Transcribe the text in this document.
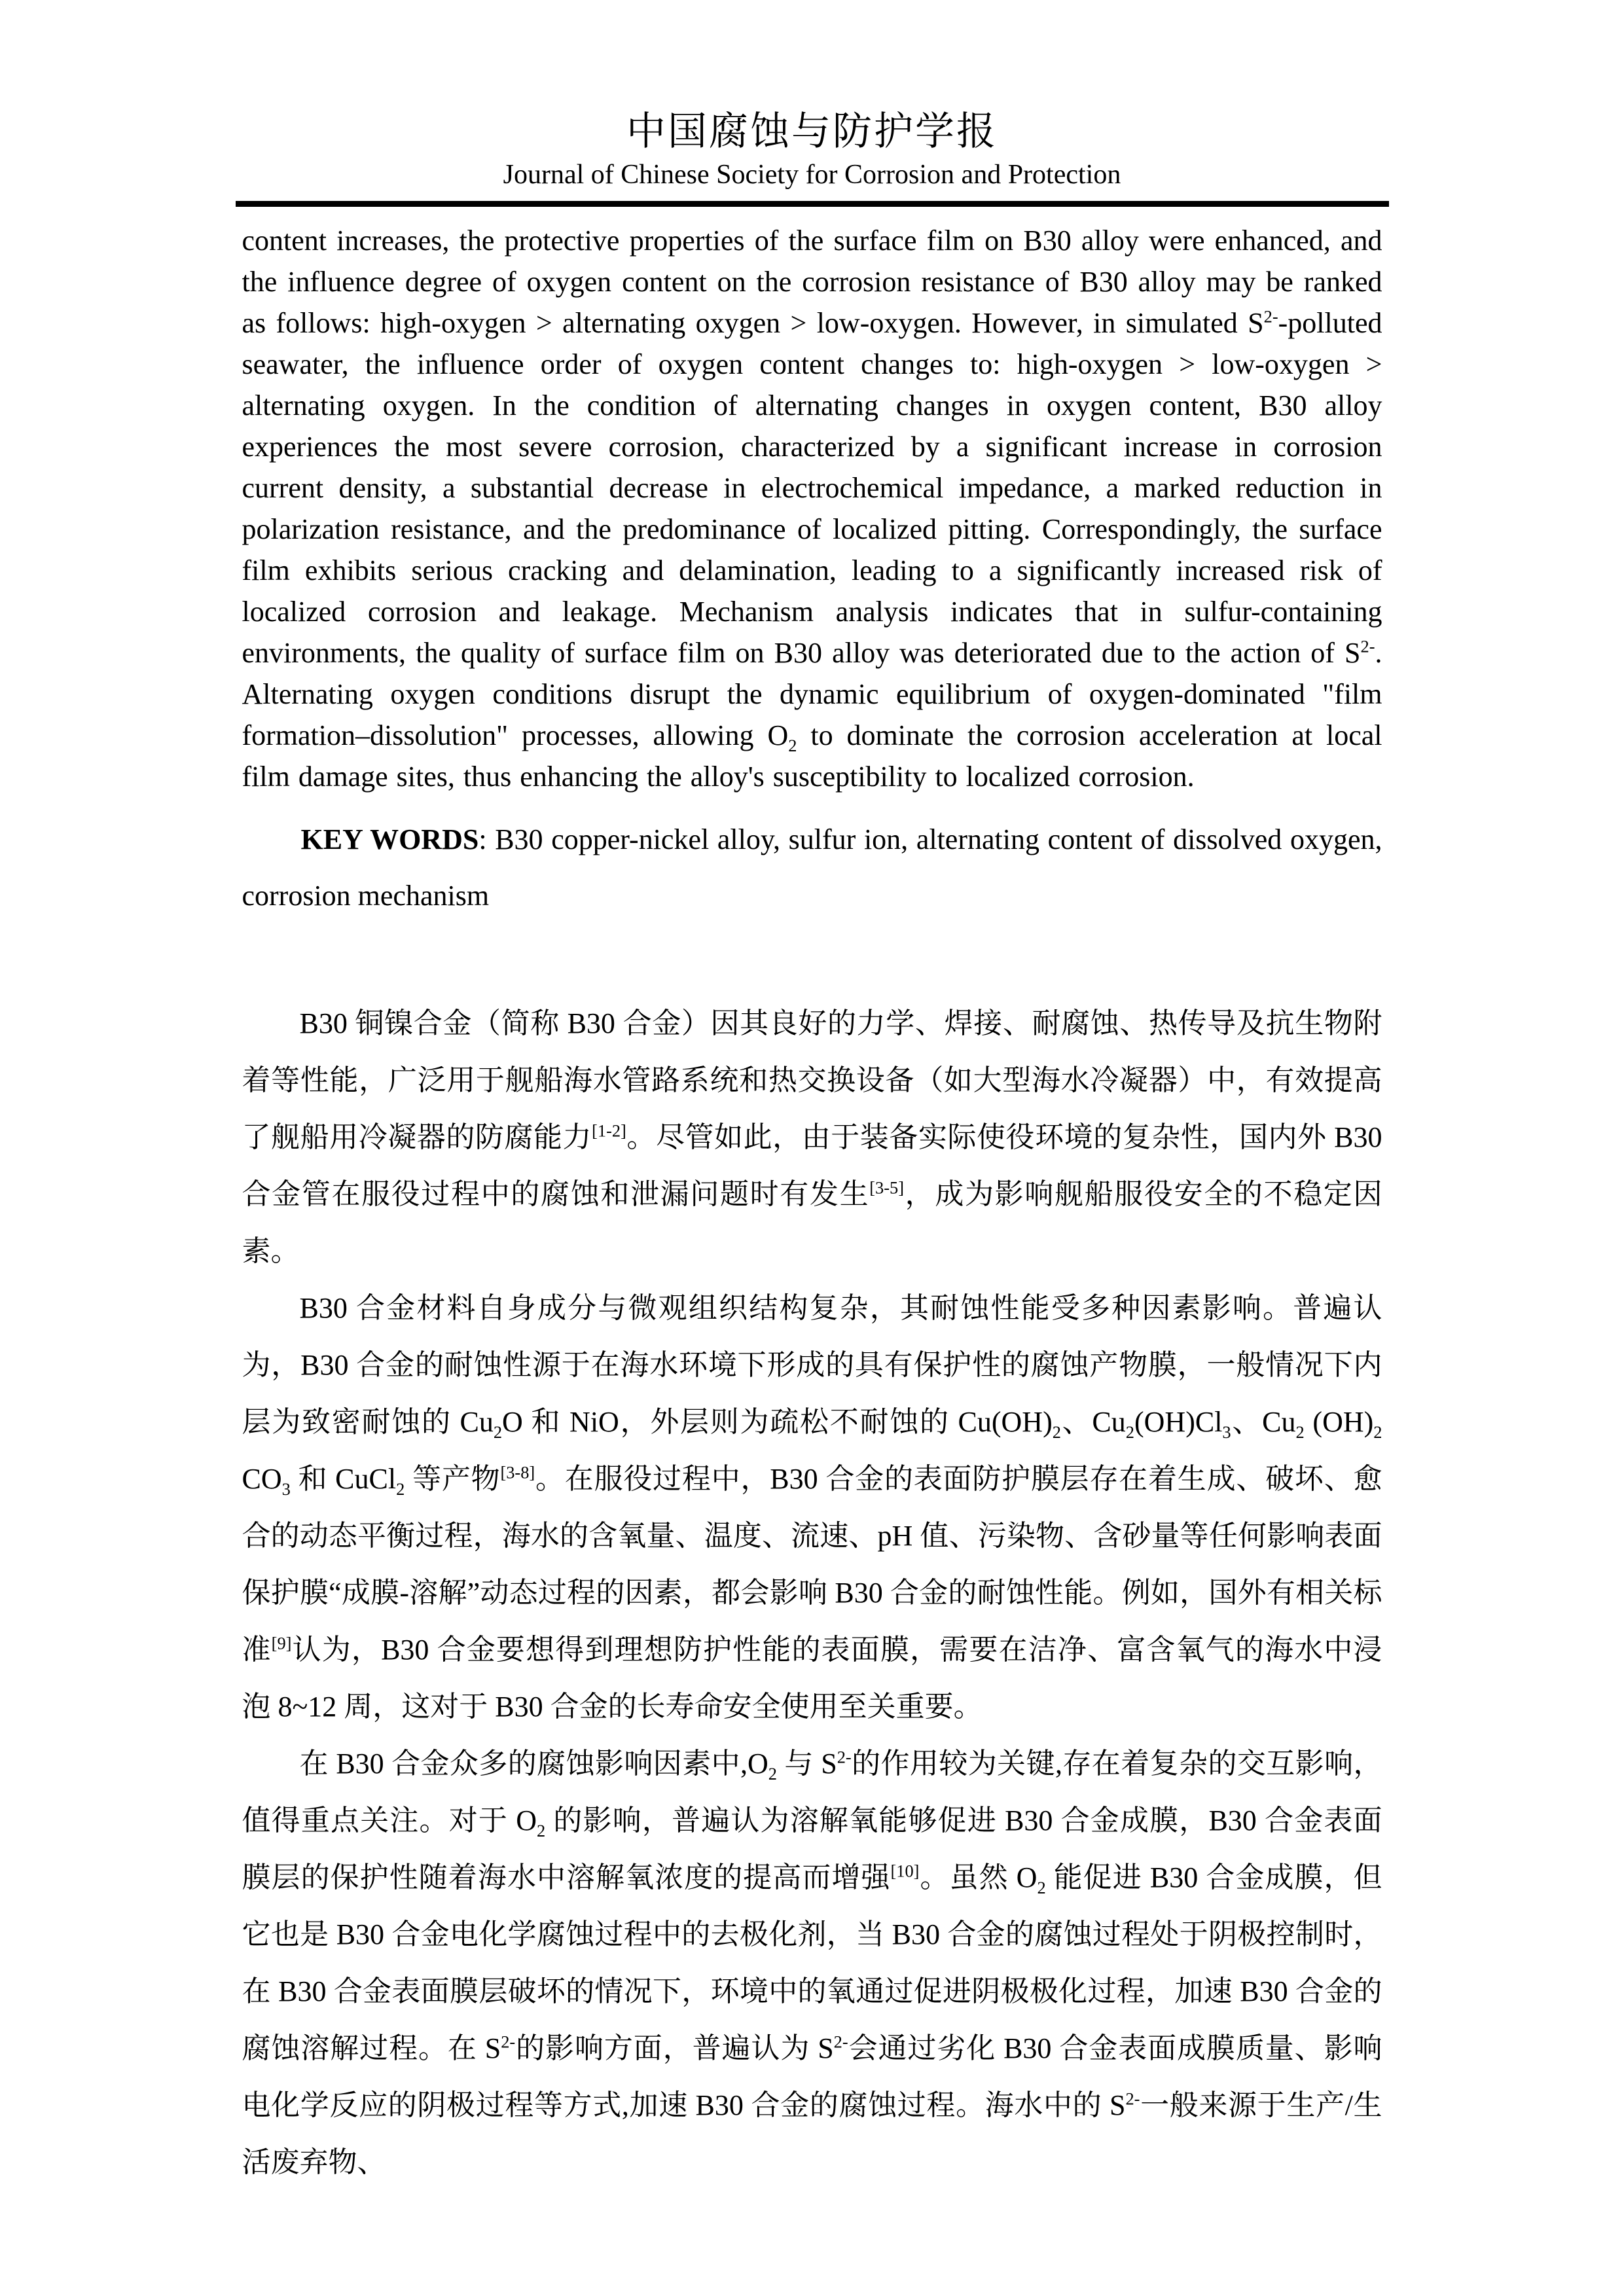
中国腐蚀与防护学报
Journal of Chinese Society for Corrosion and Protection

content increases, the protective properties of the surface film on B30 alloy were enhanced, and the influence degree of oxygen content on the corrosion resistance of B30 alloy may be ranked as follows: high-oxygen > alternating oxygen > low-oxygen. However, in simulated $S^{2-}$-polluted seawater, the influence order of oxygen content changes to: high-oxygen > low-oxygen > alternating oxygen. In the condition of alternating changes in oxygen content, B30 alloy experiences the most severe corrosion, characterized by a significant increase in corrosion current density, a substantial decrease in electrochemical impedance, a marked reduction in polarization resistance, and the predominance of localized pitting. Correspondingly, the surface film exhibits serious cracking and delamination, leading to a significantly increased risk of localized corrosion and leakage. Mechanism analysis indicates that in sulfur-containing environments, the quality of surface film on B30 alloy was deteriorated due to the action of $S^{2-}$. Alternating oxygen conditions disrupt the dynamic equilibrium of oxygen-dominated "film formation–dissolution" processes, allowing $O_2$ to dominate the corrosion acceleration at local film damage sites, thus enhancing the alloy's susceptibility to localized corrosion.

KEY WORDS: B30 copper-nickel alloy, sulfur ion, alternating content of dissolved oxygen, corrosion mechanism

B30 铜镍合金（简称 B30 合金）因其良好的力学、焊接、耐腐蚀、热传导及抗生物附着等性能，广泛用于舰船海水管路系统和热交换设备（如大型海水冷凝器）中，有效提高了舰船用冷凝器的防腐能力[1-2]。尽管如此，由于装备实际使役环境的复杂性，国内外 B30 合金管在服役过程中的腐蚀和泄漏问题时有发生[3-5]，成为影响舰船服役安全的不稳定因素。

B30 合金材料自身成分与微观组织结构复杂，其耐蚀性能受多种因素影响。普遍认为，B30 合金的耐蚀性源于在海水环境下形成的具有保护性的腐蚀产物膜，一般情况下内层为致密耐蚀的 $Cu_2O$ 和 NiO，外层则为疏松不耐蚀的 $Cu(OH)_2$、$Cu_2(OH)Cl_3$、$Cu_2$ $(OH)_2$ $CO_3$ 和 CuCl$_2$ 等产物[3-8]。在服役过程中，B30 合金的表面防护膜层存在着生成、破坏、愈合的动态平衡过程，海水的含氧量、温度、流速、pH 值、污染物、含砂量等任何影响表面保护膜“成膜-溶解”动态过程的因素，都会影响 B30 合金的耐蚀性能。例如，国外有相关标准[9]认为，B30 合金要想得到理想防护性能的表面膜，需要在洁净、富含氧气的海水中浸泡 8~12 周，这对于 B30 合金的长寿命安全使用至关重要。

在 B30 合金众多的腐蚀影响因素中$,O_2$ 与 $S^{2-}$的作用较为关键,存在着复杂的交互影响，值得重点关注。对于 $O_2$ 的影响，普遍认为溶解氧能够促进 B30 合金成膜，B30 合金表面膜层的保护性随着海水中溶解氧浓度的提高而增强[10]。虽然 $O_2$ 能促进 B30 合金成膜，但它也是 B30 合金电化学腐蚀过程中的去极化剂，当 B30 合金的腐蚀过程处于阴极控制时，在 B30 合金表面膜层破坏的情况下，环境中的氧通过促进阴极极化过程，加速 B30 合金的腐蚀溶解过程。在 $S^{2-}$的影响方面，普遍认为 $S^{2-}$会通过劣化 B30 合金表面成膜质量、影响电化学反应的阴极过程等方式,加速 B30 合金的腐蚀过程。海水中的 $S^{2-}$一般来源于生产/生活废弃物、
